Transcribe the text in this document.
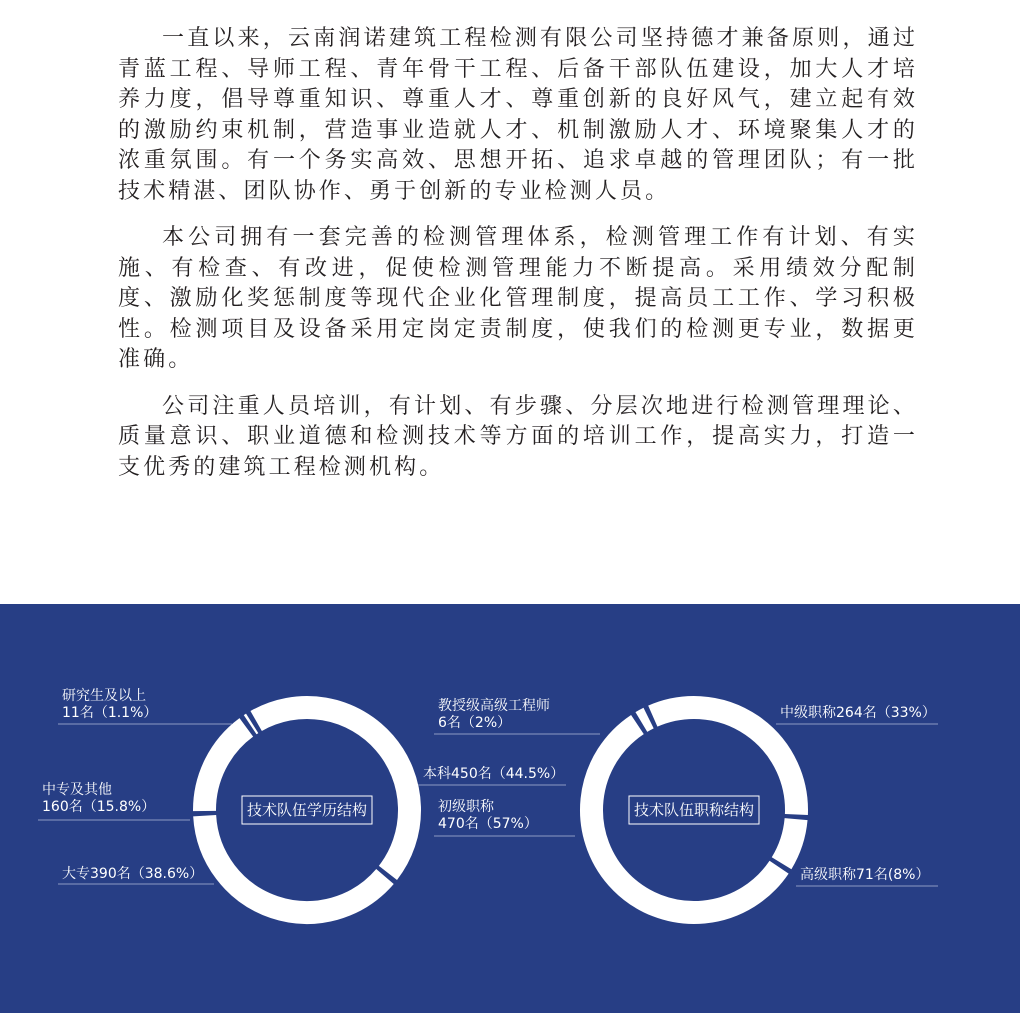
一直以来，云南润诺建筑工程检测有限公司坚持德才兼备原则，通过青蓝工程、导师工程、青年骨干工程、后备干部队伍建设，加大人才培养力度，倡导尊重知识、尊重人才、尊重创新的良好风气，建立起有效的激励约束机制，营造事业造就人才、机制激励人才、环境聚集人才的浓重氛围。有一个务实高效、思想开拓、追求卓越的管理团队；有一批技术精湛、团队协作、勇于创新的专业检测人员。

本公司拥有一套完善的检测管理体系，检测管理工作有计划、有实施、有检查、有改进，促使检测管理能力不断提高。采用绩效分配制度、激励化奖惩制度等现代企业化管理制度，提高员工工作、学习积极性。检测项目及设备采用定岗定责制度，使我们的检测更专业，数据更准确。

公司注重人员培训，有计划、有步骤、分层次地进行检测管理理论、质量意识、职业道德和检测技术等方面的培训工作，提高实力，打造一支优秀的建筑工程检测机构。

技术队伍学历结构
研究生及以上
11名（1.1%）
本科450名（44.5%）
大专390名（38.6%）
中专及其他
160名（15.8%）	技术队伍职称结构
中级职称264名（33%）
高级职称71名(8%）
初级职称
470名（57%）
教授级高级工程师
6名（2%）
